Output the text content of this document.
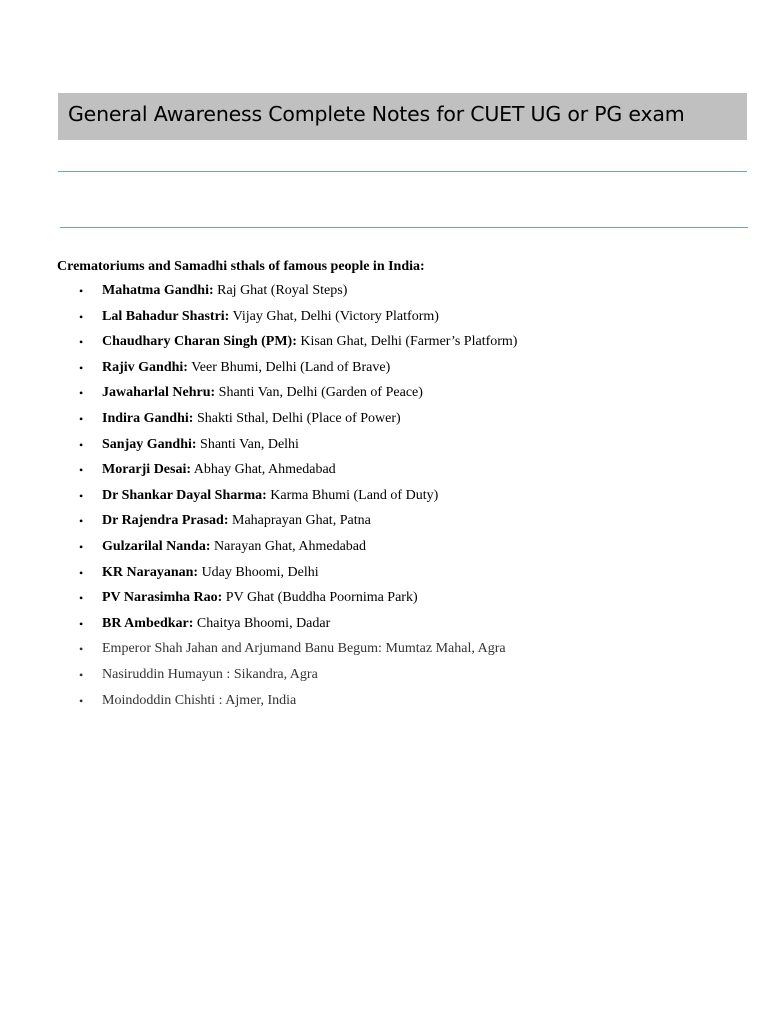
General Awareness Complete Notes for CUET UG or PG exam
Crematoriums and Samadhi sthals of famous people in India:
• Mahatma Gandhi: Raj Ghat (Royal Steps)
• Lal Bahadur Shastri: Vijay Ghat, Delhi (Victory Platform)
• Chaudhary Charan Singh (PM): Kisan Ghat, Delhi (Farmer’s Platform)
• Rajiv Gandhi: Veer Bhumi, Delhi (Land of Brave)
• Jawaharlal Nehru: Shanti Van, Delhi (Garden of Peace)
• Indira Gandhi: Shakti Sthal, Delhi (Place of Power)
• Sanjay Gandhi: Shanti Van, Delhi
• Morarji Desai: Abhay Ghat, Ahmedabad
• Dr Shankar Dayal Sharma: Karma Bhumi (Land of Duty)
• Dr Rajendra Prasad: Mahaprayan Ghat, Patna
• Gulzarilal Nanda: Narayan Ghat, Ahmedabad
• KR Narayanan: Uday Bhoomi, Delhi
• PV Narasimha Rao: PV Ghat (Buddha Poornima Park)
• BR Ambedkar: Chaitya Bhoomi, Dadar
• Emperor Shah Jahan and Arjumand Banu Begum: Mumtaz Mahal, Agra
• Nasiruddin Humayun : Sikandra, Agra
• Moindoddin Chishti : Ajmer, India
